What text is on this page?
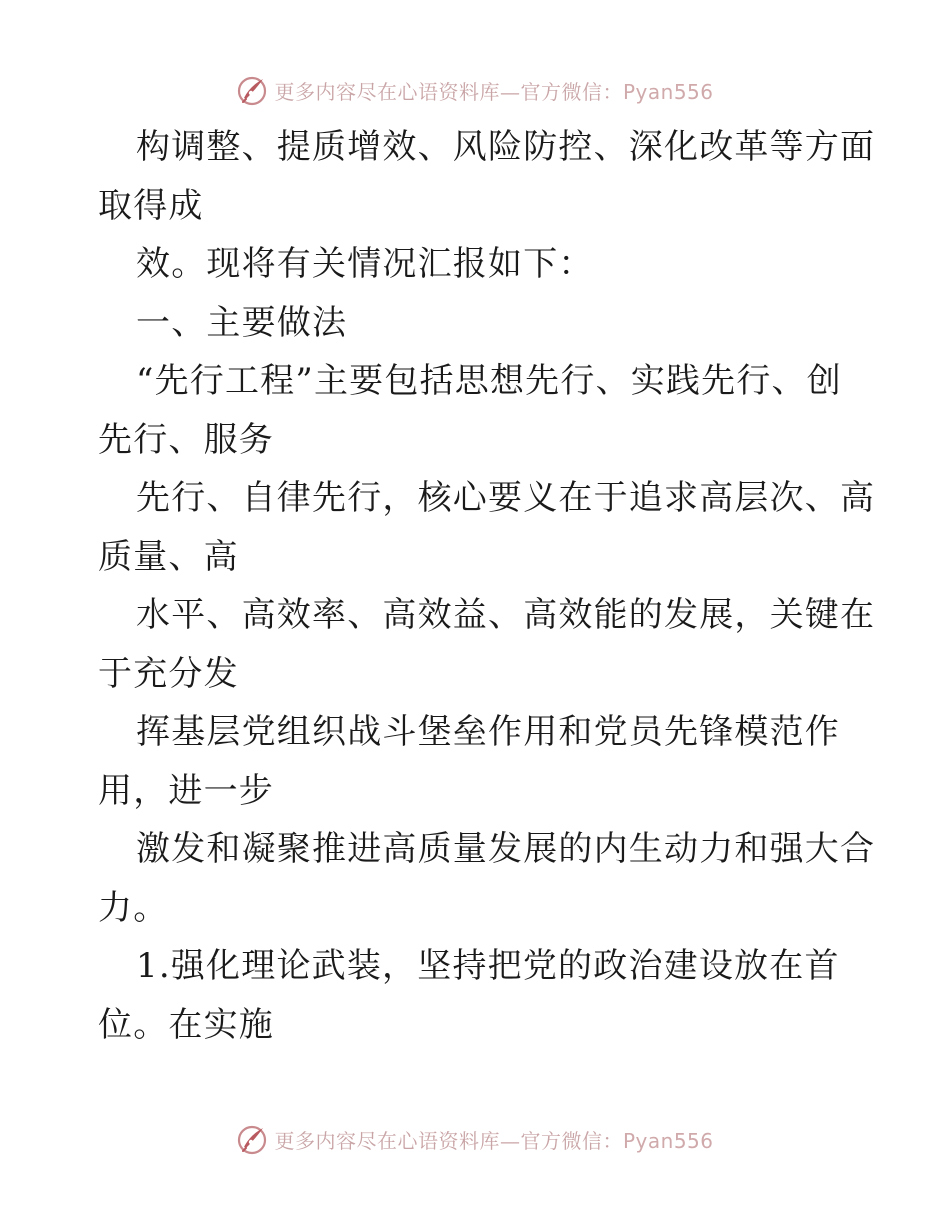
更多内容尽在心语资料库—官方微信：Pyan556
构调整、提质增效、风险防控、深化改革等方面
取得成
效。现将有关情况汇报如下：
一、主要做法
“先行工程”主要包括思想先行、实践先行、创
先行、服务
先行、自律先行，核心要义在于追求高层次、高
质量、高
水平、高效率、高效益、高效能的发展，关键在
于充分发
挥基层党组织战斗堡垒作用和党员先锋模范作
用，进一步
激发和凝聚推进高质量发展的内生动力和强大合
力。
1.强化理论武装，坚持把党的政治建设放在首
位。在实施
更多内容尽在心语资料库—官方微信：Pyan556
